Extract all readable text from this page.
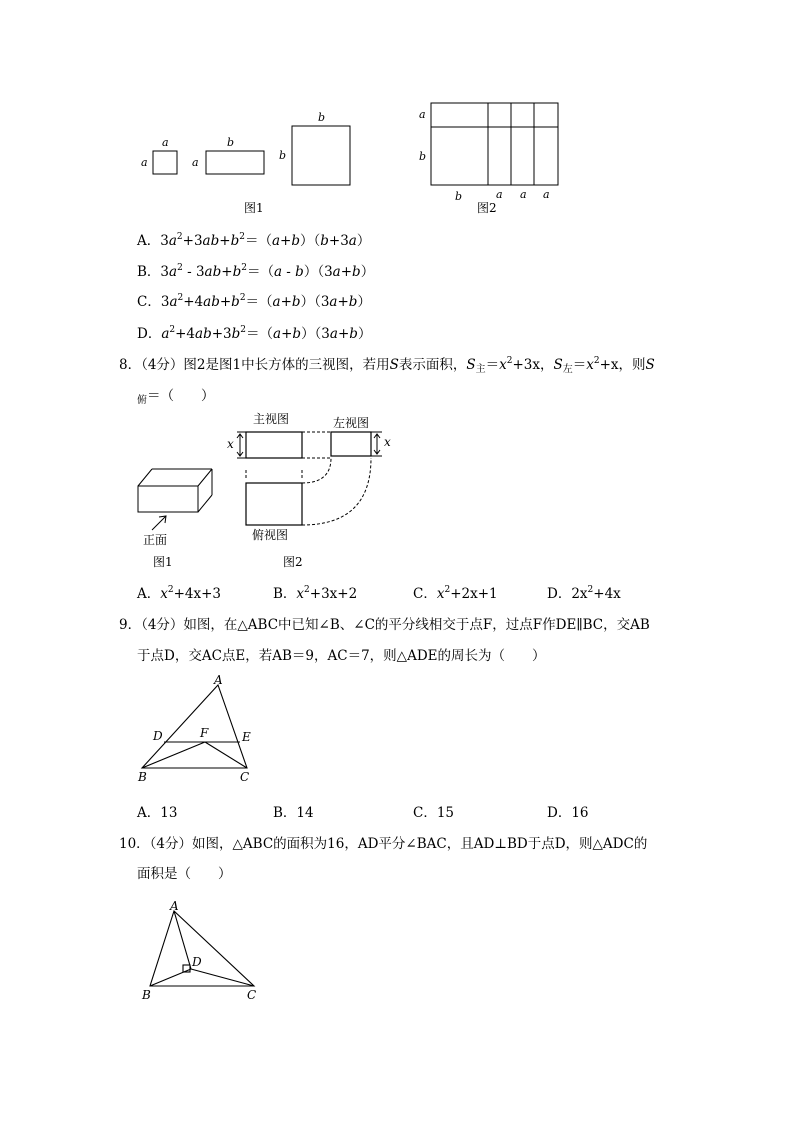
a
a
b
a
b
b
图1
a
b
b	a a a
图2
A．$3a^2+3ab+b^2=(a+b)(b+3a)$
B．$3a^2 - 3ab+b^2=(a - b)(3a+b)$
C．$3a^2+4ab+b^2=(a+b)(3a+b)$
D．$a^2+4ab+3b^2=(a+b)(3a+b)$
8．（4分）图2是图1中长方体的三视图，若用S表示面积，$S_主=x^2+3x$，$S_左=x^2+x$，则S
$_俯$＝（　　）
正面
图1
主视图	左视图
俯视图
图2
x	x
A．$x^2+4x+3$	B．$x^2+3x+2$	C．$x^2+2x+1$	D．$2x^2+4x$
9．（4分）如图，在△ABC中已知∠B、∠C的平分线相交于点F，过点F作DE∥BC，交AB
于点D，交AC点E，若AB＝9，AC＝7，则△ADE的周长为（　　）
A
D	F	E
B	C
A．13	B．14	C．15	D．16
10．（4分）如图，△ABC的面积为16，AD平分∠BAC，且AD⊥BD于点D，则△ADC的
面积是（　　）
A
D
B	C
